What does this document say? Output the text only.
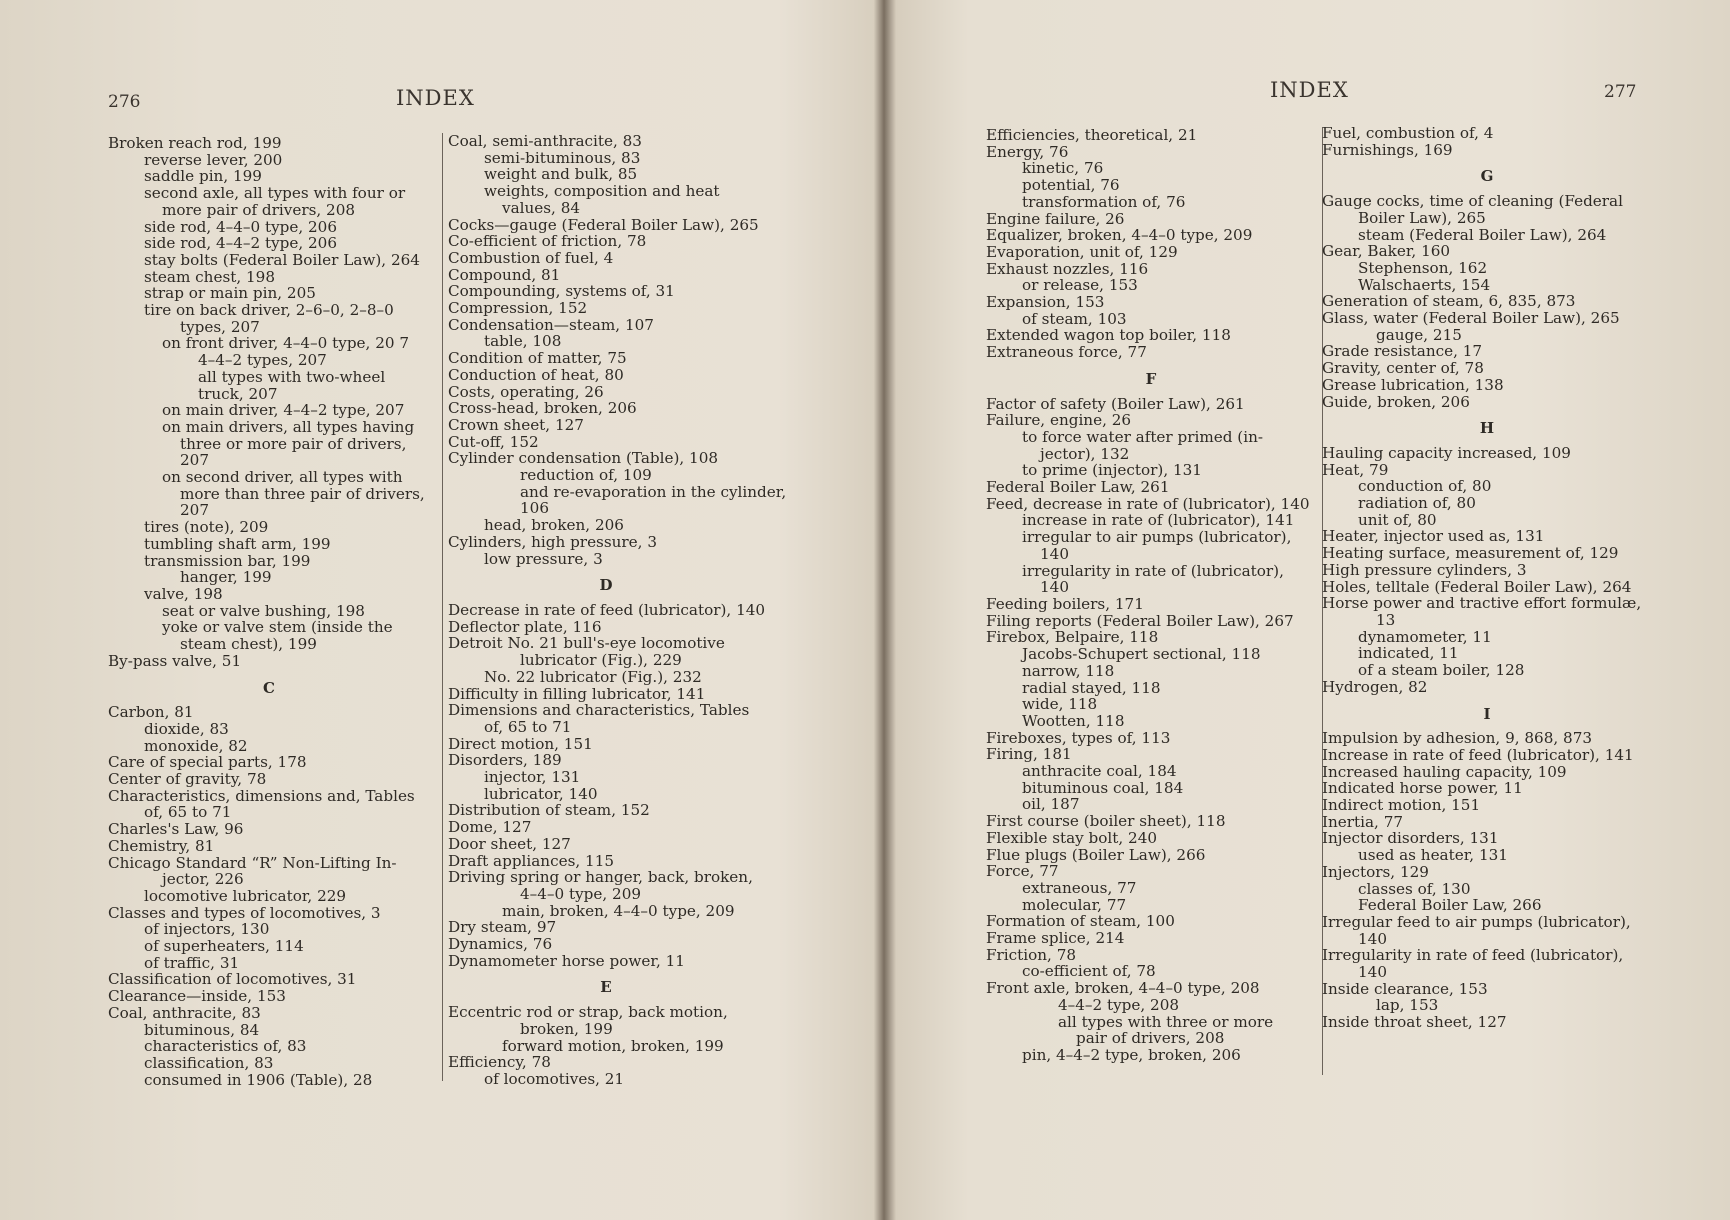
276	INDEX
Broken reach rod, 199
reverse lever, 200
saddle pin, 199
second axle, all types with four or
more pair of drivers, 208
side rod, 4–4–0 type, 206
side rod, 4–4–2 type, 206
stay bolts (Federal Boiler Law), 264
steam chest, 198
strap or main pin, 205
tire on back driver, 2–6–0, 2–8–0
types, 207
on front driver, 4–4–0 type, 20 7
4–4–2 types, 207
all types with two-wheel
truck, 207
on main driver, 4–4–2 type, 207
on main drivers, all types having
three or more pair of drivers,
207
on second driver, all types with
more than three pair of drivers,
207
tires (note), 209
tumbling shaft arm, 199
transmission bar, 199
hanger, 199
valve, 198
seat or valve bushing, 198
yoke or valve stem (inside the
steam chest), 199
By-pass valve, 51
C
Carbon, 81
dioxide, 83
monoxide, 82
Care of special parts, 178
Center of gravity, 78
Characteristics, dimensions and, Tables
of, 65 to 71
Charles's Law, 96
Chemistry, 81
Chicago Standard “R” Non-Lifting In-
jector, 226
locomotive lubricator, 229
Classes and types of locomotives, 3
of injectors, 130
of superheaters, 114
of traffic, 31
Classification of locomotives, 31
Clearance—inside, 153
Coal, anthracite, 83
bituminous, 84
characteristics of, 83
classification, 83
consumed in 1906 (Table), 28
Coal, semi-anthracite, 83
semi-bituminous, 83
weight and bulk, 85
weights, composition and heat
values, 84
Cocks—gauge (Federal Boiler Law), 265
Co-efficient of friction, 78
Combustion of fuel, 4
Compound, 81
Compounding, systems of, 31
Compression, 152
Condensation—steam, 107
table, 108
Condition of matter, 75
Conduction of heat, 80
Costs, operating, 26
Cross-head, broken, 206
Crown sheet, 127
Cut-off, 152
Cylinder condensation (Table), 108
reduction of, 109
and re-evaporation in the cylinder,
106
head, broken, 206
Cylinders, high pressure, 3
low pressure, 3
D
Decrease in rate of feed (lubricator), 140
Deflector plate, 116
Detroit No. 21 bull's-eye locomotive
lubricator (Fig.), 229
No. 22 lubricator (Fig.), 232
Difficulty in filling lubricator, 141
Dimensions and characteristics, Tables
of, 65 to 71
Direct motion, 151
Disorders, 189
injector, 131
lubricator, 140
Distribution of steam, 152
Dome, 127
Door sheet, 127
Draft appliances, 115
Driving spring or hanger, back, broken,
4–4–0 type, 209
main, broken, 4–4–0 type, 209
Dry steam, 97
Dynamics, 76
Dynamometer horse power, 11
E
Eccentric rod or strap, back motion,
broken, 199
forward motion, broken, 199
Efficiency, 78
of locomotives, 21
INDEX	277
Efficiencies, theoretical, 21
Energy, 76
kinetic, 76
potential, 76
transformation of, 76
Engine failure, 26
Equalizer, broken, 4–4–0 type, 209
Evaporation, unit of, 129
Exhaust nozzles, 116
or release, 153
Expansion, 153
of steam, 103
Extended wagon top boiler, 118
Extraneous force, 77
F
Factor of safety (Boiler Law), 261
Failure, engine, 26
to force water after primed (in-
jector), 132
to prime (injector), 131
Federal Boiler Law, 261
Feed, decrease in rate of (lubricator), 140
increase in rate of (lubricator), 141
irregular to air pumps (lubricator),
140
irregularity in rate of (lubricator),
140
Feeding boilers, 171
Filing reports (Federal Boiler Law), 267
Firebox, Belpaire, 118
Jacobs-Schupert sectional, 118
narrow, 118
radial stayed, 118
wide, 118
Wootten, 118
Fireboxes, types of, 113
Firing, 181
anthracite coal, 184
bituminous coal, 184
oil, 187
First course (boiler sheet), 118
Flexible stay bolt, 240
Flue plugs (Boiler Law), 266
Force, 77
extraneous, 77
molecular, 77
Formation of steam, 100
Frame splice, 214
Friction, 78
co-efficient of, 78
Front axle, broken, 4–4–0 type, 208
4–4–2 type, 208
all types with three or more
pair of drivers, 208
pin, 4–4–2 type, broken, 206
Fuel, combustion of, 4
Furnishings, 169
G
Gauge cocks, time of cleaning (Federal
Boiler Law), 265
steam (Federal Boiler Law), 264
Gear, Baker, 160
Stephenson, 162
Walschaerts, 154
Generation of steam, 6, 835, 873
Glass, water (Federal Boiler Law), 265
gauge, 215
Grade resistance, 17
Gravity, center of, 78
Grease lubrication, 138
Guide, broken, 206
H
Hauling capacity increased, 109
Heat, 79
conduction of, 80
radiation of, 80
unit of, 80
Heater, injector used as, 131
Heating surface, measurement of, 129
High pressure cylinders, 3
Holes, telltale (Federal Boiler Law), 264
Horse power and tractive effort formulæ,
13
dynamometer, 11
indicated, 11
of a steam boiler, 128
Hydrogen, 82
I
Impulsion by adhesion, 9, 868, 873
Increase in rate of feed (lubricator), 141
Increased hauling capacity, 109
Indicated horse power, 11
Indirect motion, 151
Inertia, 77
Injector disorders, 131
used as heater, 131
Injectors, 129
classes of, 130
Federal Boiler Law, 266
Irregular feed to air pumps (lubricator),
140
Irregularity in rate of feed (lubricator),
140
Inside clearance, 153
lap, 153
Inside throat sheet, 127
